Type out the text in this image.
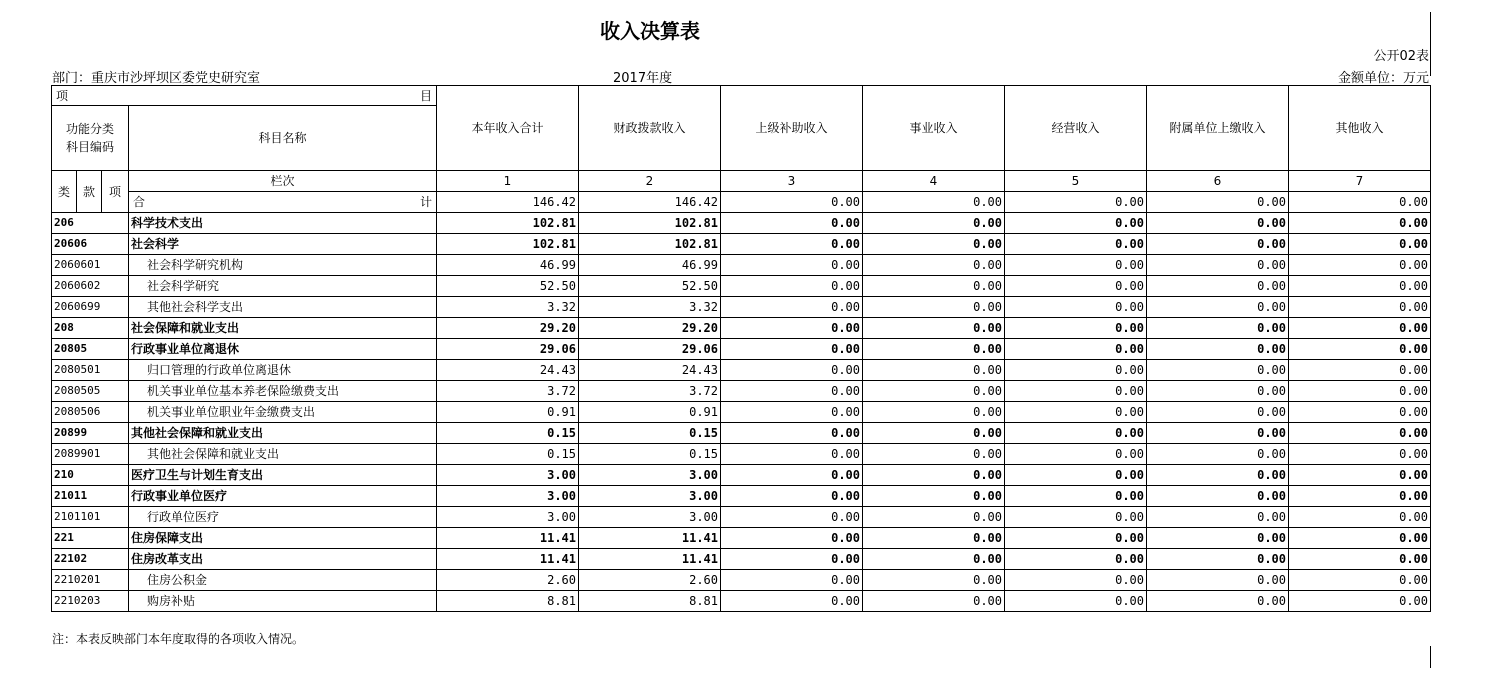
收入决算表
公开02表
部门：重庆市沙坪坝区委党史研究室	2017年度	金额单位：万元
项 目				本年收入合计	财政拨款收入	上级补助收入	事业收入	经营收入	附属单位上缴收入	其他收入
功能分类
科目编码			科目名称							

类	款	项	栏次	1	2	3	4	5	6	7

			合 计	146.42	146.42	0.00	0.00	0.00	0.00	0.00
206			科学技术支出	102.81	102.81	0.00	0.00	0.00	0.00	0.00
20606			社会科学	102.81	102.81	0.00	0.00	0.00	0.00	0.00
2060601			社会科学研究机构	46.99	46.99	0.00	0.00	0.00	0.00	0.00
2060602			社会科学研究	52.50	52.50	0.00	0.00	0.00	0.00	0.00
2060699			其他社会科学支出	3.32	3.32	0.00	0.00	0.00	0.00	0.00
208			社会保障和就业支出	29.20	29.20	0.00	0.00	0.00	0.00	0.00
20805			行政事业单位离退休	29.06	29.06	0.00	0.00	0.00	0.00	0.00
2080501			归口管理的行政单位离退休	24.43	24.43	0.00	0.00	0.00	0.00	0.00
2080505			机关事业单位基本养老保险缴费支出	3.72	3.72	0.00	0.00	0.00	0.00	0.00
2080506			机关事业单位职业年金缴费支出	0.91	0.91	0.00	0.00	0.00	0.00	0.00
20899			其他社会保障和就业支出	0.15	0.15	0.00	0.00	0.00	0.00	0.00
2089901			其他社会保障和就业支出	0.15	0.15	0.00	0.00	0.00	0.00	0.00
210			医疗卫生与计划生育支出	3.00	3.00	0.00	0.00	0.00	0.00	0.00
21011			行政事业单位医疗	3.00	3.00	0.00	0.00	0.00	0.00	0.00
2101101			行政单位医疗	3.00	3.00	0.00	0.00	0.00	0.00	0.00
221			住房保障支出	11.41	11.41	0.00	0.00	0.00	0.00	0.00
22102			住房改革支出	11.41	11.41	0.00	0.00	0.00	0.00	0.00
2210201			住房公积金	2.60	2.60	0.00	0.00	0.00	0.00	0.00
2210203			购房补贴	8.81	8.81	0.00	0.00	0.00	0.00	0.00
注：本表反映部门本年度取得的各项收入情况。
